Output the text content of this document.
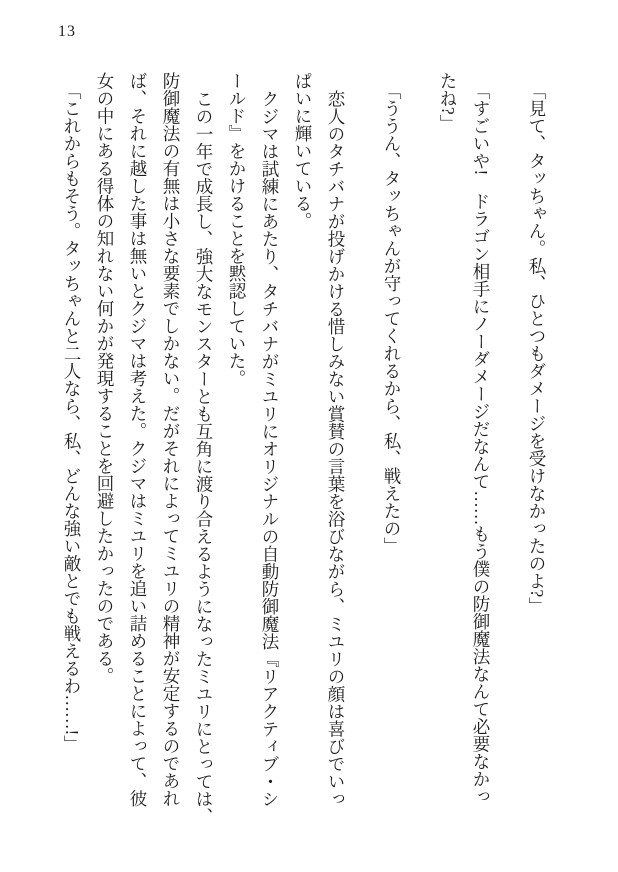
13

「見て、タッちゃん。私、ひとつもダメージを受けなかったのよ?」

「すごいや!　ドラゴン相手にノーダメージだなんて……もう僕の防御魔法なんて必要なかっ

たね?」

「ううん、タッちゃんが守ってくれるから、私、戦えたの」

恋人のタチバナが投げかける惜しみない賞賛の言葉を浴びながら、ミユリの顔は喜びでいっ

ぱいに輝いている。

クジマは試練にあたり、タチバナがミユリにオリジナルの自動防御魔法『リアクティブ・シ

ールド』をかけることを黙認していた。

この一年で成長し、強大なモンスターとも互角に渡り合えるようになったミユリにとっては、

防御魔法の有無は小さな要素でしかない。だがそれによってミユリの精神が安定するのであれ

ば、それに越した事は無いとクジマは考えた。クジマはミユリを追い詰めることによって、彼

女の中にある得体の知れない何かが発現することを回避したかったのである。

「これからもそう。タッちゃんと二人なら、私、どんな強い敵とでも戦えるわ……!」
